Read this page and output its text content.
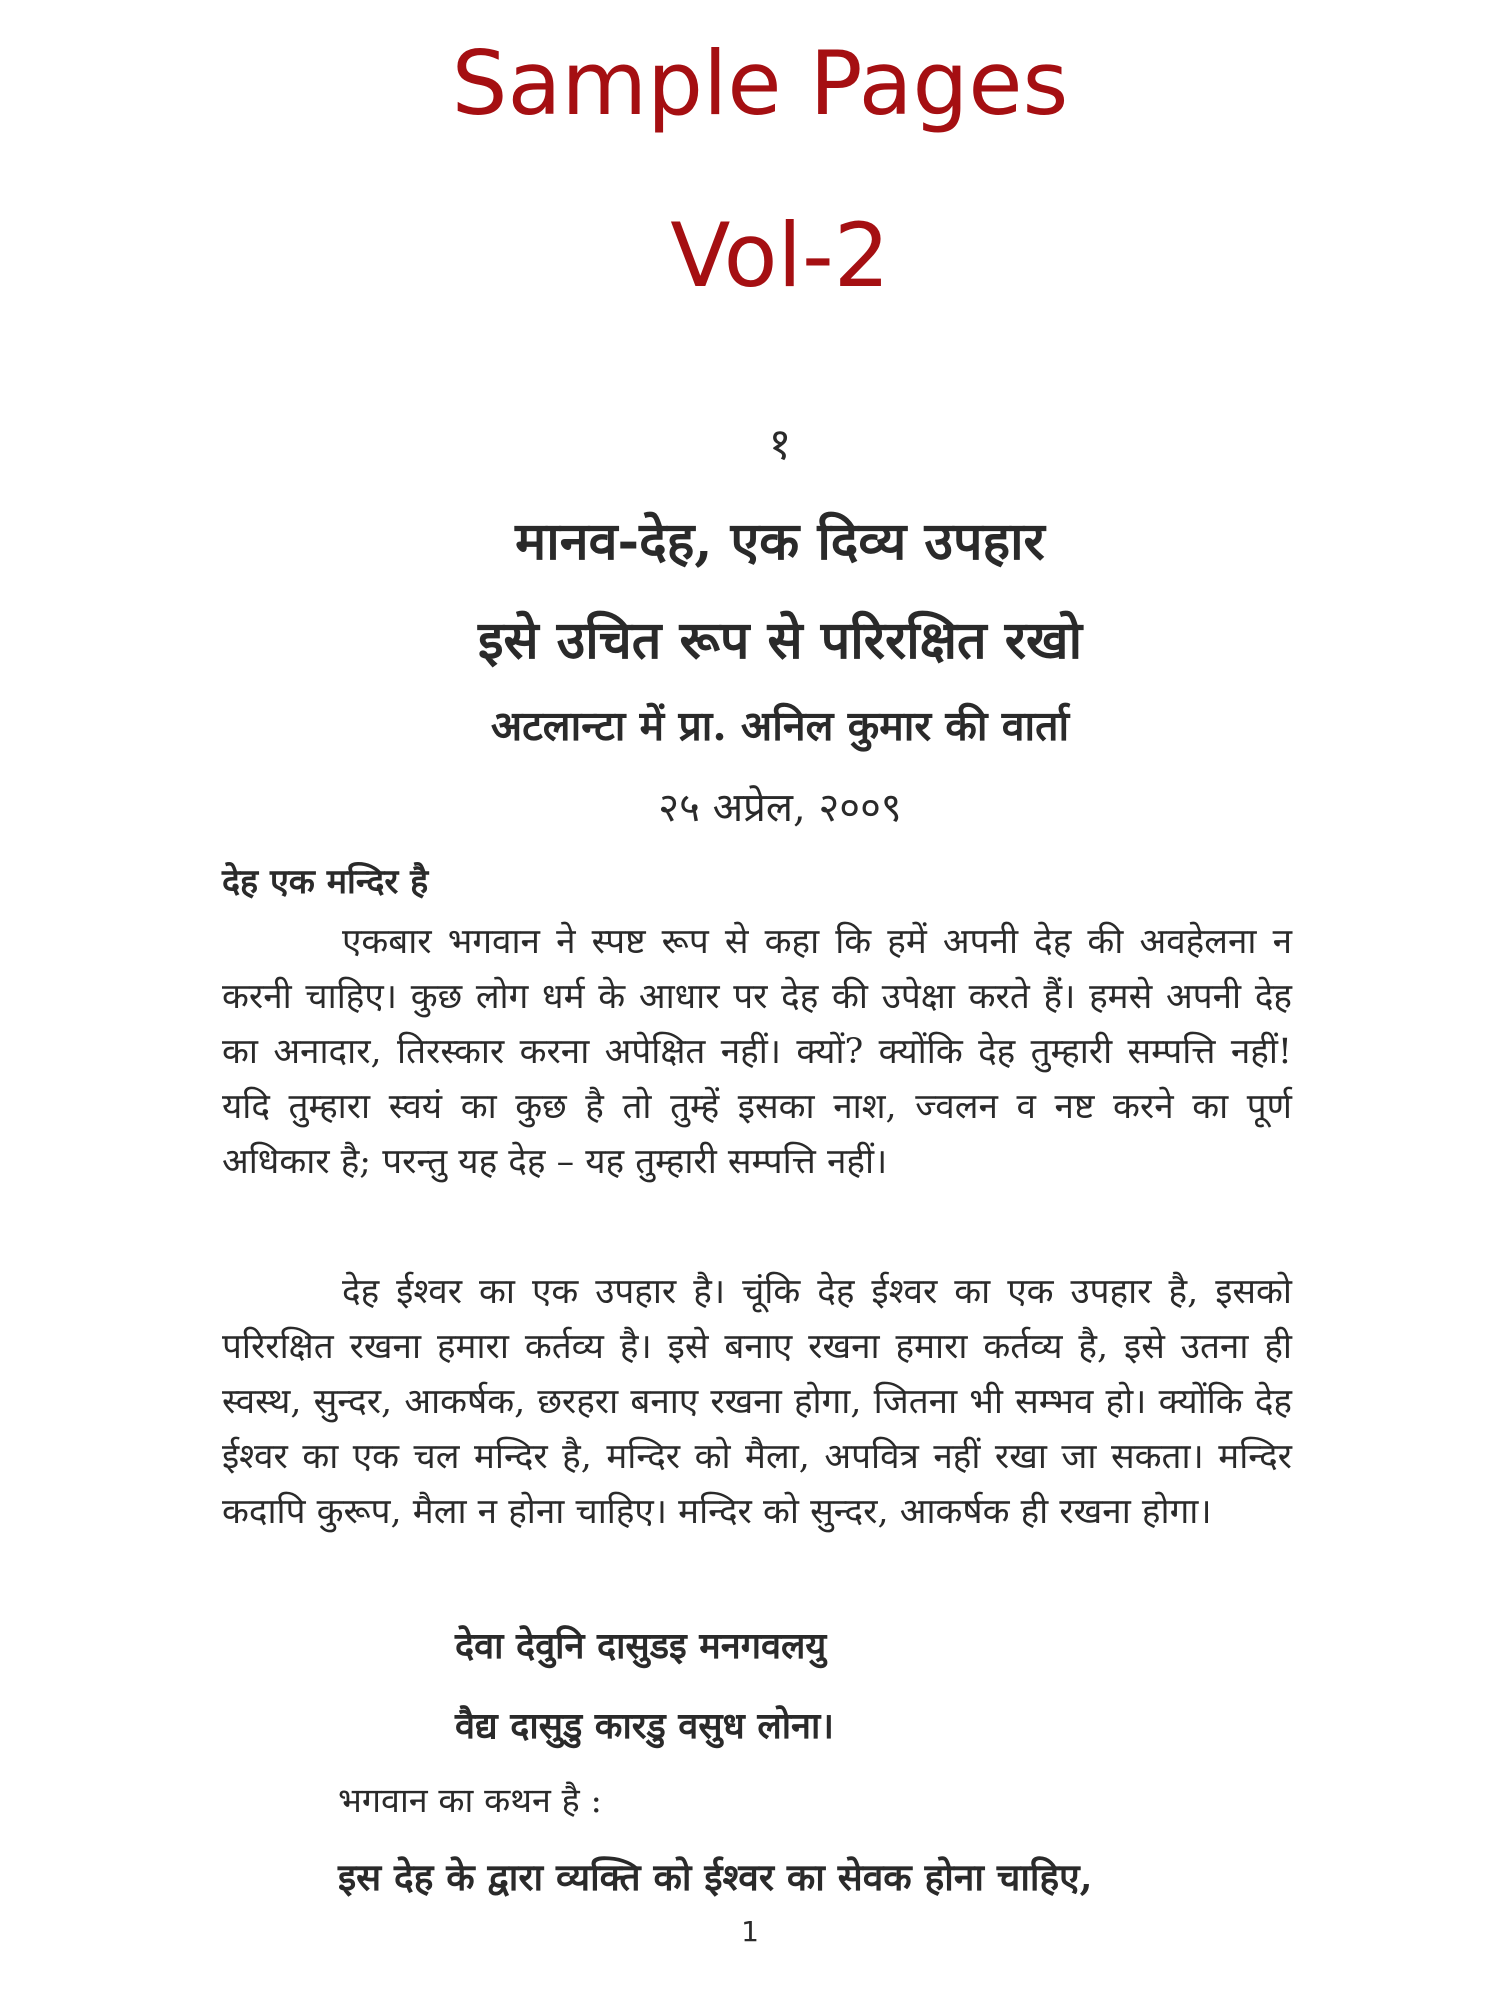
Sample Pages
Vol-2
१
मानव-देह, एक दिव्य उपहार
इसे उचित रूप से परिरक्षित रखो
अटलान्टा में प्रा. अनिल कुमार की वार्ता
२५ अप्रेल, २००९
देह एक मन्दिर है

एकबार भगवान ने स्पष्ट रूप से कहा कि हमें अपनी देह की अवहेलना न करनी चाहिए। कुछ लोग धर्म के आधार पर देह की उपेक्षा करते हैं। हमसे अपनी देह का अनादार, तिरस्कार करना अपेक्षित नहीं। क्यों? क्योंकि देह तुम्हारी सम्पत्ति नहीं! यदि तुम्हारा स्वयं का कुछ है तो तुम्हें इसका नाश, ज्वलन व नष्ट करने का पूर्ण अधिकार है; परन्तु यह देह – यह तुम्हारी सम्पत्ति नहीं।

देह ईश्वर का एक उपहार है। चूंकि देह ईश्वर का एक उपहार है, इसको परिरक्षित रखना हमारा कर्तव्य है। इसे बनाए रखना हमारा कर्तव्य है, इसे उतना ही स्वस्थ, सुन्दर, आकर्षक, छरहरा बनाए रखना होगा, जितना भी सम्भव हो। क्योंकि देह ईश्वर का एक चल मन्दिर है, मन्दिर को मैला, अपवित्र नहीं रखा जा सकता। मन्दिर कदापि कुरूप, मैला न होना चाहिए। मन्दिर को सुन्दर, आकर्षक ही रखना होगा।

देवा देवुनि दासुडइ मनगवलयु
वैद्य दासुडु कारडु वसुध लोना।
भगवान का कथन है :
इस देह के द्वारा व्यक्ति को ईश्वर का सेवक होना चाहिए,
1
